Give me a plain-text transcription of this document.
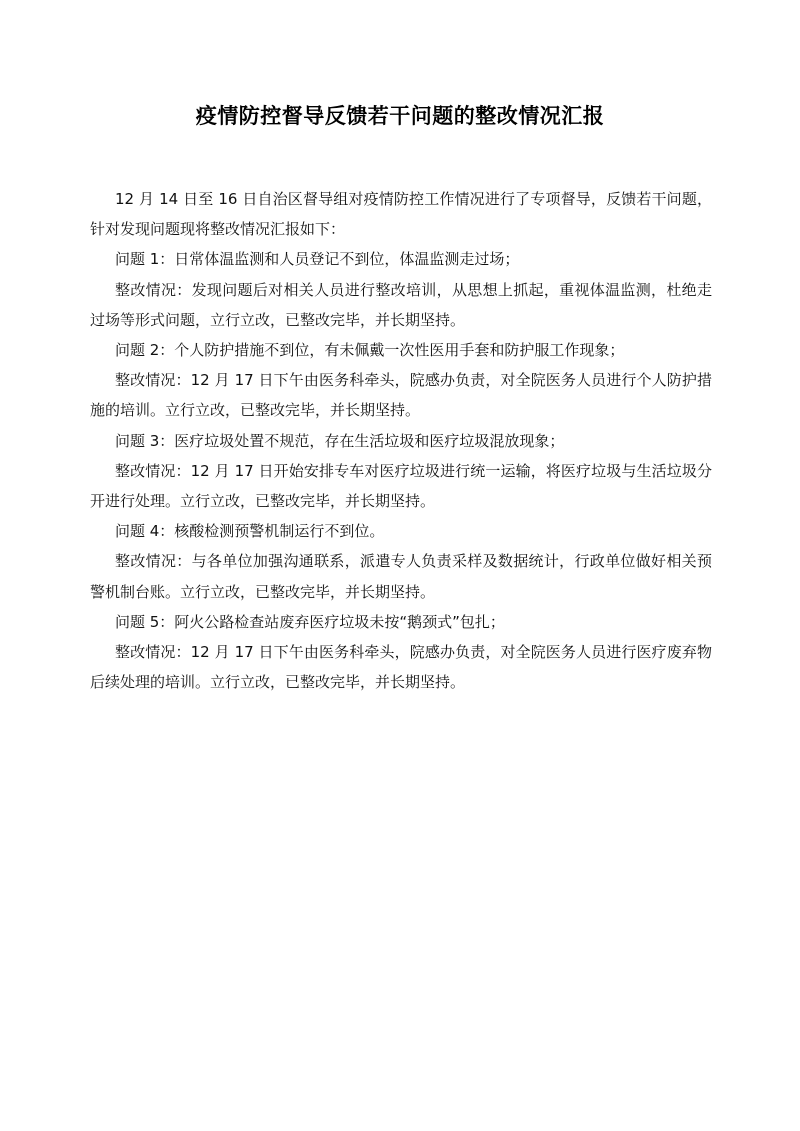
疫情防控督导反馈若干问题的整改情况汇报

12 月 14 日至 16 日自治区督导组对疫情防控工作情况进行了专项督导，反馈若干问题，针对发现问题现将整改情况汇报如下：

问题 1：日常体温监测和人员登记不到位，体温监测走过场；

整改情况：发现问题后对相关人员进行整改培训，从思想上抓起，重视体温监测，杜绝走过场等形式问题，立行立改，已整改完毕，并长期坚持。

问题 2：个人防护措施不到位，有未佩戴一次性医用手套和防护服工作现象；

整改情况：12 月 17 日下午由医务科牵头，院感办负责，对全院医务人员进行个人防护措施的培训。立行立改，已整改完毕，并长期坚持。

问题 3：医疗垃圾处置不规范，存在生活垃圾和医疗垃圾混放现象；

整改情况：12 月 17 日开始安排专车对医疗垃圾进行统一运输，将医疗垃圾与生活垃圾分开进行处理。立行立改，已整改完毕，并长期坚持。

问题 4：核酸检测预警机制运行不到位。

整改情况：与各单位加强沟通联系，派遣专人负责采样及数据统计，行政单位做好相关预警机制台账。立行立改，已整改完毕，并长期坚持。

问题 5：阿火公路检查站废弃医疗垃圾未按“鹅颈式”包扎；

整改情况：12 月 17 日下午由医务科牵头，院感办负责，对全院医务人员进行医疗废弃物后续处理的培训。立行立改，已整改完毕，并长期坚持。
